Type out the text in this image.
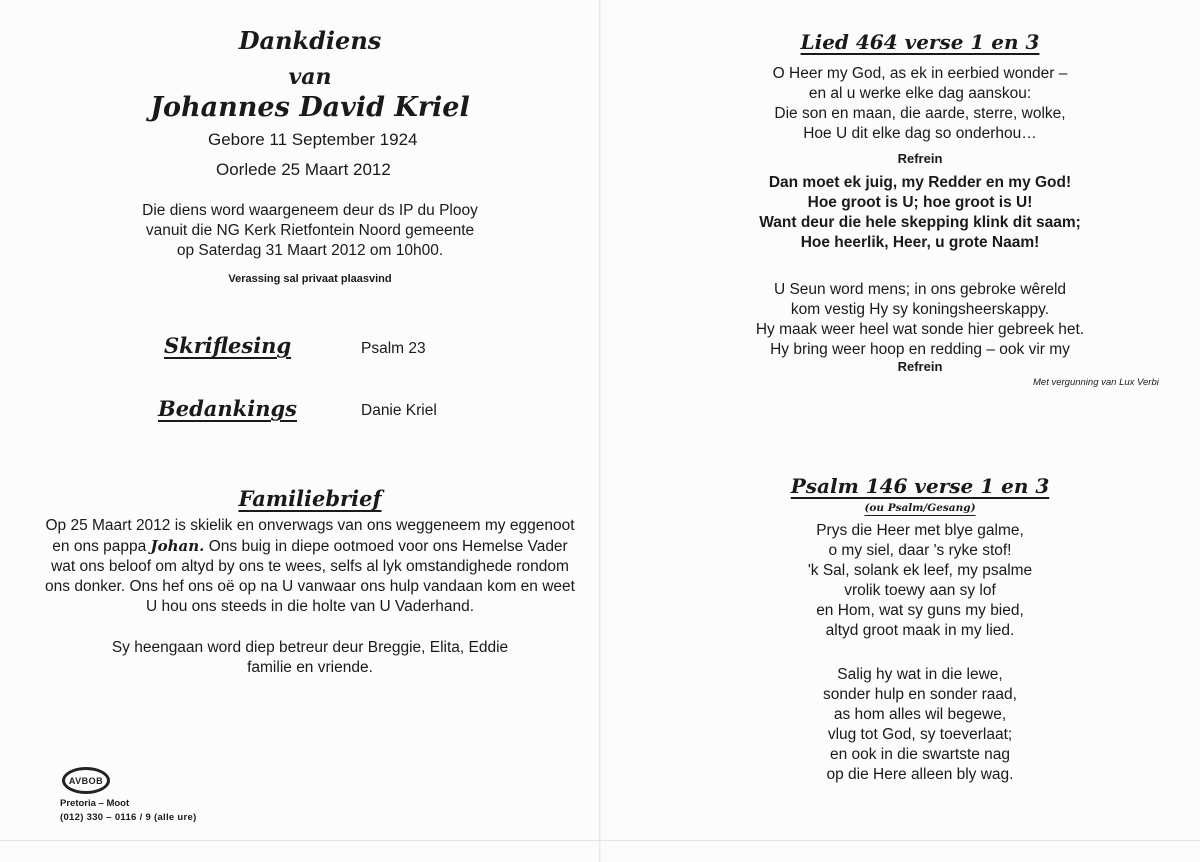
Dankdiens
van
Johannes David Kriel
Gebore 11 September 1924
Oorlede 25 Maart 2012
Die diens word waargeneem deur ds IP du Plooy
vanuit die NG Kerk Rietfontein Noord gemeente
op Saterdag 31 Maart 2012 om 10h00.
Verassing sal privaat plaasvind
Skriflesing	Psalm 23
Bedankings	Danie Kriel
Familiebrief
Op 25 Maart 2012 is skielik en onverwags van ons weggeneem my eggenoot
en ons pappa Johan. Ons buig in diepe ootmoed voor ons Hemelse Vader
wat ons beloof om altyd by ons te wees, selfs al lyk omstandighede rondom
ons donker. Ons hef ons oë op na U vanwaar ons hulp vandaan kom en weet
U hou ons steeds in die holte van U Vaderhand.
Sy heengaan word diep betreur deur Breggie, Elita, Eddie
familie en vriende.
AVBOB
Pretoria – Moot
(012) 330 – 0116 / 9 (alle ure)
Lied 464 verse 1 en 3
O Heer my God, as ek in eerbied wonder –
en al u werke elke dag aanskou:
Die son en maan, die aarde, sterre, wolke,
Hoe U dit elke dag so onderhou…
Refrein
Dan moet ek juig, my Redder en my God!
Hoe groot is U; hoe groot is U!
Want deur die hele skepping klink dit saam;
Hoe heerlik, Heer, u grote Naam!
U Seun word mens; in ons gebroke wêreld
kom vestig Hy sy koningsheerskappy.
Hy maak weer heel wat sonde hier gebreek het.
Hy bring weer hoop en redding – ook vir my
Refrein
Met vergunning van Lux Verbi
Psalm 146 verse 1 en 3
(ou Psalm/Gesang)
Prys die Heer met blye galme,
o my siel, daar 's ryke stof!
'k Sal, solank ek leef, my psalme
vrolik toewy aan sy lof
en Hom, wat sy guns my bied,
altyd groot maak in my lied.
Salig hy wat in die lewe,
sonder hulp en sonder raad,
as hom alles wil begewe,
vlug tot God, sy toeverlaat;
en ook in die swartste nag
op die Here alleen bly wag.
